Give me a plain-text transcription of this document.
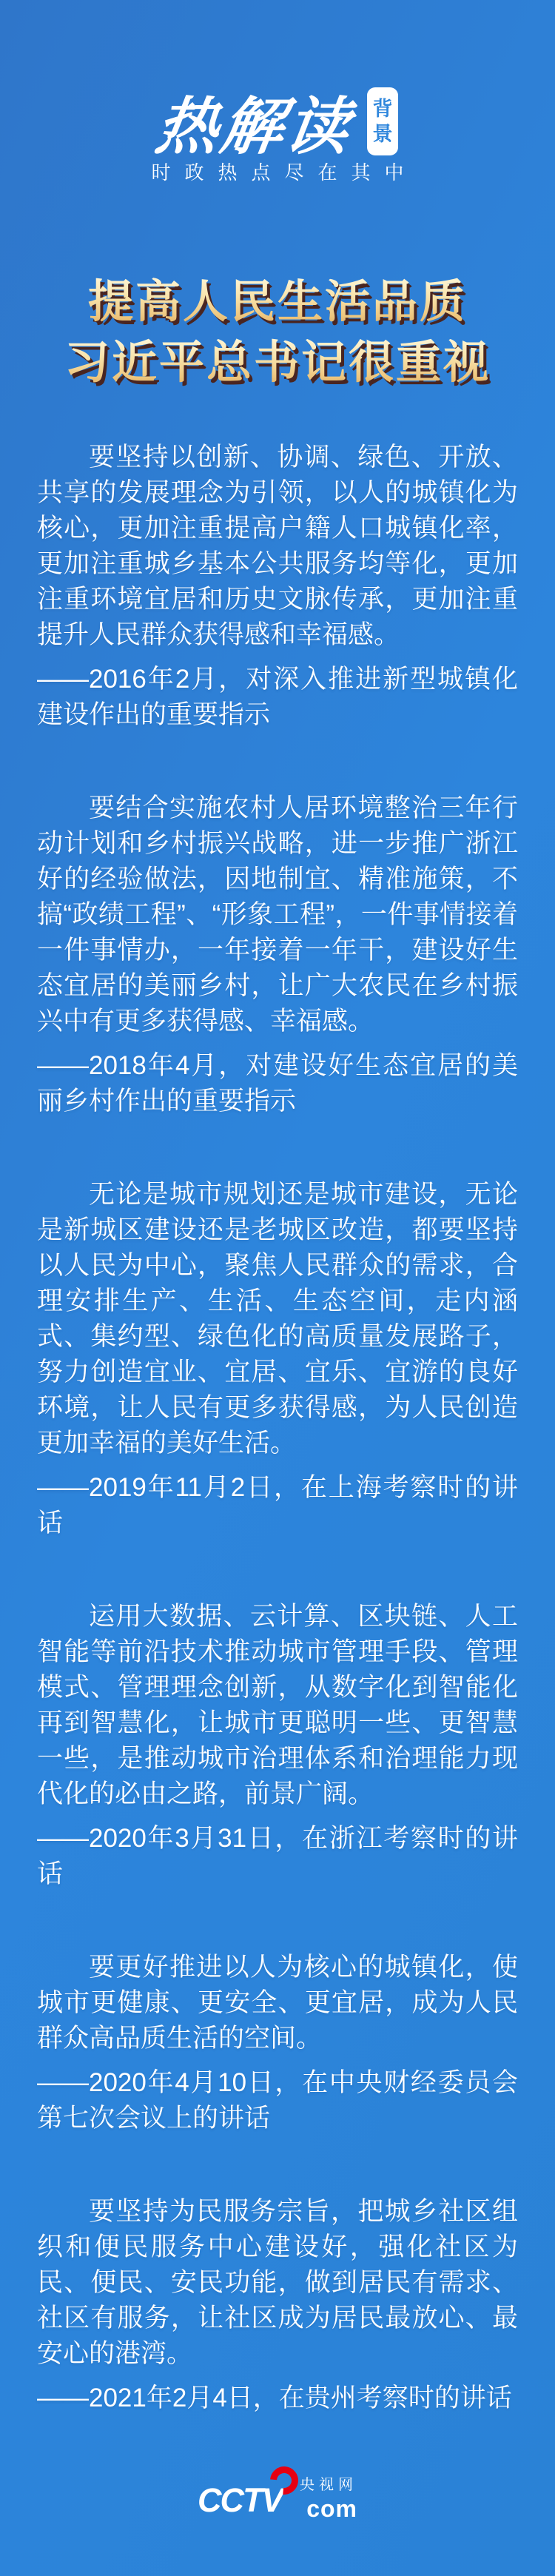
热解读 背
景
时政热点尽在其中
提高人民生活品质
习近平总书记很重视

要坚持以创新、协调、绿色、开放、共享的发展理念为引领，以人的城镇化为核心，更加注重提高户籍人口城镇化率，更加注重城乡基本公共服务均等化，更加注重环境宜居和历史文脉传承，更加注重提升人民群众获得感和幸福感。

——2016年2月，对深入推进新型城镇化建设作出的重要指示

要结合实施农村人居环境整治三年行动计划和乡村振兴战略，进一步推广浙江好的经验做法，因地制宜、精准施策，不搞“政绩工程”、“形象工程”，一件事情接着一件事情办，一年接着一年干，建设好生态宜居的美丽乡村，让广大农民在乡村振兴中有更多获得感、幸福感。

——2018年4月，对建设好生态宜居的美丽乡村作出的重要指示

无论是城市规划还是城市建设，无论是新城区建设还是老城区改造，都要坚持以人民为中心，聚焦人民群众的需求，合理安排生产、生活、生态空间，走内涵式、集约型、绿色化的高质量发展路子，努力创造宜业、宜居、宜乐、宜游的良好环境，让人民有更多获得感，为人民创造更加幸福的美好生活。

——2019年11月2日，在上海考察时的讲话

运用大数据、云计算、区块链、人工智能等前沿技术推动城市管理手段、管理模式、管理理念创新，从数字化到智能化再到智慧化，让城市更聪明一些、更智慧一些，是推动城市治理体系和治理能力现代化的必由之路，前景广阔。

——2020年3月31日，在浙江考察时的讲话

要更好推进以人为核心的城镇化，使城市更健康、更安全、更宜居，成为人民群众高品质生活的空间。

——2020年4月10日，在中央财经委员会第七次会议上的讲话

要坚持为民服务宗旨，把城乡社区组织和便民服务中心建设好，强化社区为民、便民、安民功能，做到居民有需求、社区有服务，让社区成为居民最放心、最安心的港湾。

——2021年2月4日，在贵州考察时的讲话

CCTV 央视网
com
